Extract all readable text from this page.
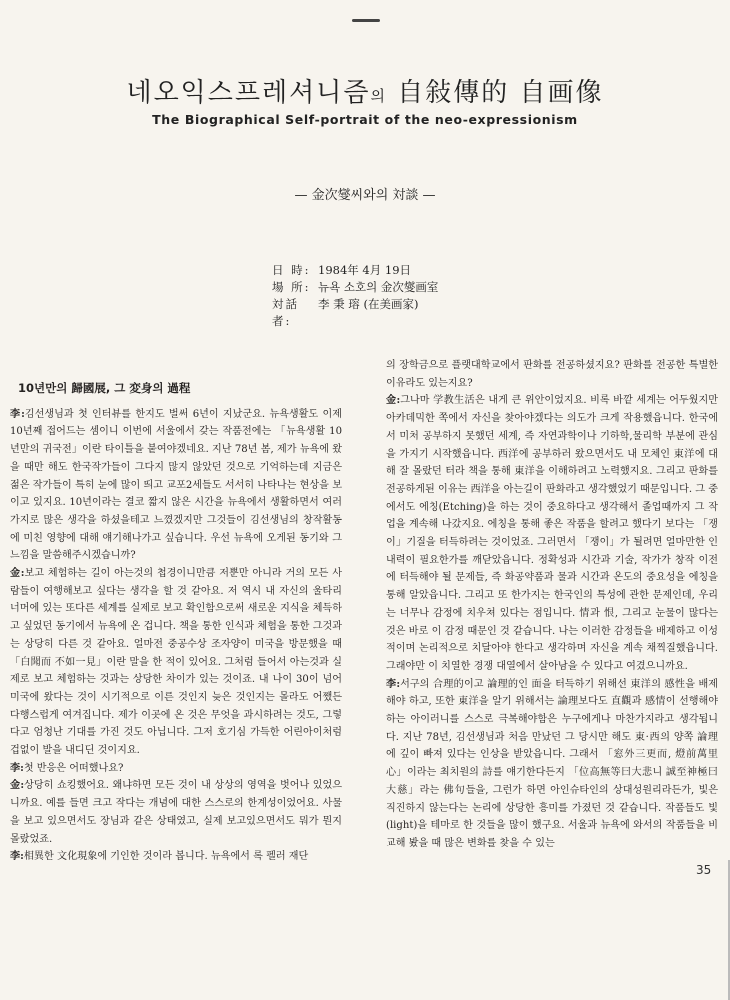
네오익스프레셔니즘의 自敍傳的 自画像
The Biographical Self-portrait of the neo-expressionism
— 金次燮씨와의 対談 —
日 時: 1984年 4月 19日
場 所: 뉴욕 소호의 金次燮画室
対話者:
李 秉 瑢 (在美画家)
10년만의 歸國展, 그 変身의 過程

李:김선생님과 첫 인터뷰를 한지도 벌써 6년이 지났군요. 뉴욕생활도 이제 10년째 접어드는 셈이니 이번에 서울에서 갖는 작품전에는 「뉴욕생활 10년만의 귀국전」이란 타이틀을 붙여야겠네요. 지난 78년 봄, 제가 뉴욕에 왔을 때만 해도 한국작가들이 그다지 많지 않았던 것으로 기억하는데 지금은 젊은 작가들이 특히 눈에 많이 띄고 교포2세들도 서서히 나타나는 현상을 보이고 있지요. 10년이라는 결코 짧지 않은 시간을 뉴욕에서 생활하면서 여러가지로 많은 생각을 하셨을테고 느꼈겠지만 그것들이 김선생님의 창작활동에 미친 영향에 대해 얘기해나가고 싶습니다. 우선 뉴욕에 오게된 동기와 그 느낌을 말씀해주시겠습니까?

金:보고 체험하는 길이 아는것의 첩경이니만큼 저뿐만 아니라 거의 모든 사람들이 여행해보고 싶다는 생각을 할 것 같아요. 저 역시 내 자신의 울타리 너머에 있는 또다른 세계를 실제로 보고 확인함으로써 새로운 지식을 체득하고 싶었던 동기에서 뉴욕에 온 겁니다. 책을 통한 인식과 체험을 통한 그것과는 상당히 다른 것 같아요. 얼마전 중공수상 조자양이 미국을 방문했을 때 「白聞而 不如一見」이란 말을 한 적이 있어요. 그처럼 들어서 아는것과 실제로 보고 체험하는 것과는 상당한 차이가 있는 것이죠. 내 나이 30이 넘어 미국에 왔다는 것이 시기적으로 이른 것인지 늦은 것인지는 몰라도 어쨌든 다행스럽게 여겨집니다. 제가 이곳에 온 것은 무엇을 과시하려는 것도, 그렇다고 엄청난 기대를 가진 것도 아닙니다. 그저 호기심 가득한 어린아이처럼 겁없이 발을 내디딘 것이지요.

李:첫 반응은 어떠했나요?

金:상당히 쇼킹했어요. 왜냐하면 모든 것이 내 상상의 영역을 벗어나 있었으니까요. 예를 들면 크고 작다는 개념에 대한 스스로의 한계성이었어요. 사물을 보고 있으면서도 장님과 같은 상태였고, 실제 보고있으면서도 뭐가 뭔지 몰랐었죠.

李:相異한 文化現象에 기인한 것이라 봅니다. 뉴욕에서 록 펠러 재단

의 장학금으로 플랫대학교에서 판화를 전공하셨지요? 판화를 전공한 특별한 이유라도 있는지요?

金:그나마 学教生活은 내게 큰 위안이었지요. 비록 바깥 세계는 어두웠지만 아카데믹한 쪽에서 자신을 찾아야겠다는 의도가 크게 작용했읍니다. 한국에서 미처 공부하지 못했던 세계, 즉 자연과학이나 기하학,물리학 부분에 관심을 가지기 시작했읍니다. 西洋에 공부하러 왔으면서도 내 모체인 東洋에 대해 잘 몰랐던 터라 책을 통해 東洋을 이해하려고 노력했지요. 그리고 판화를 전공하게된 이유는 西洋을 아는길이 판화라고 생각했었기 때문입니다. 그 중에서도 에칭(Etching)을 하는 것이 중요하다고 생각해서 졸업때까지 그 작업을 계속해 나갔지요. 에칭을 통해 좋은 작품을 할려고 했다기 보다는 「쟁이」기질을 터득하려는 것이었죠. 그러면서 「쟁이」가 될려면 얼마만한 인내력이 필요한가를 깨닫았읍니다. 정확성과 시간과 기술, 작가가 창작 이전에 터득해야 될 문제들, 즉 화공약품과 물과 시간과 온도의 중요성을 에칭을 통해 알았읍니다. 그리고 또 한가지는 한국인의 특성에 관한 문제인데, 우리는 너무나 감정에 치우쳐 있다는 점입니다. 情과 恨, 그리고 눈물이 많다는 것은 바로 이 감정 때문인 것 같습니다. 나는 이러한 감정들을 배제하고 이성적이며 논리적으로 치달아야 한다고 생각하며 자신을 계속 채찍질했읍니다. 그래야만 이 치열한 경쟁 대열에서 살아남을 수 있다고 여겼으니까요.

李:서구의 合理的이고 論理的인 面을 터득하기 위해선 東洋의 感性을 배제해야 하고, 또한 東洋을 알기 위해서는 論理보다도 直觀과 感情이 선행해야 하는 아이러니를 스스로 극복해야함은 누구에게나 마찬가지라고 생각됩니다. 지난 78년, 김선생님과 처음 만났던 그 당시만 해도 東·西의 양쪽 論理에 깊이 빠져 있다는 인상을 받았읍니다. 그래서 「窓外三更而, 燈前萬里心」이라는 최치원의 詩를 얘기한다든지 「位高無等曰大悲니 誠至神極曰大慈」라는 佛句들을, 그런가 하면 아인슈타인의 상대성원리라든가, 빛은 직진하지 않는다는 논리에 상당한 흥미를 가졌던 것 같습니다. 작품들도 빛(light)을 테마로 한 것들을 많이 했구요. 서울과 뉴욕에 와서의 작품들을 비교해 봤을 때 많은 변화를 찾을 수 있는

35
